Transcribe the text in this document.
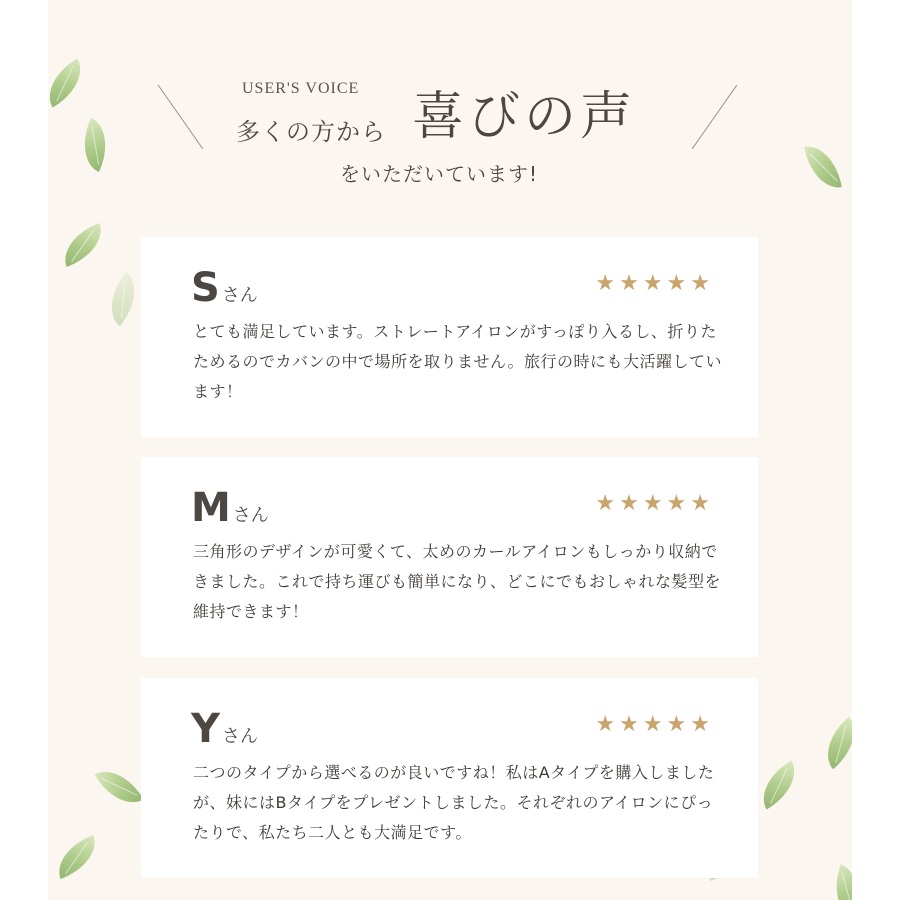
USER'S VOICE
多くの方から 喜びの声
をいただいています!
Sさん	★★★★★
とても満足しています。ストレートアイロンがすっぽり入るし、折りたためるのでカバンの中で場所を取りません。旅行の時にも大活躍しています！
Mさん	★★★★★
三角形のデザインが可愛くて、太めのカールアイロンもしっかり収納できました。これで持ち運びも簡単になり、どこにでもおしゃれな髪型を維持できます！
Yさん	★★★★★
二つのタイプから選べるのが良いですね！私はAタイプを購入しましたが、妹にはBタイプをプレゼントしました。それぞれのアイロンにぴったりで、私たち二人とも大満足です。
